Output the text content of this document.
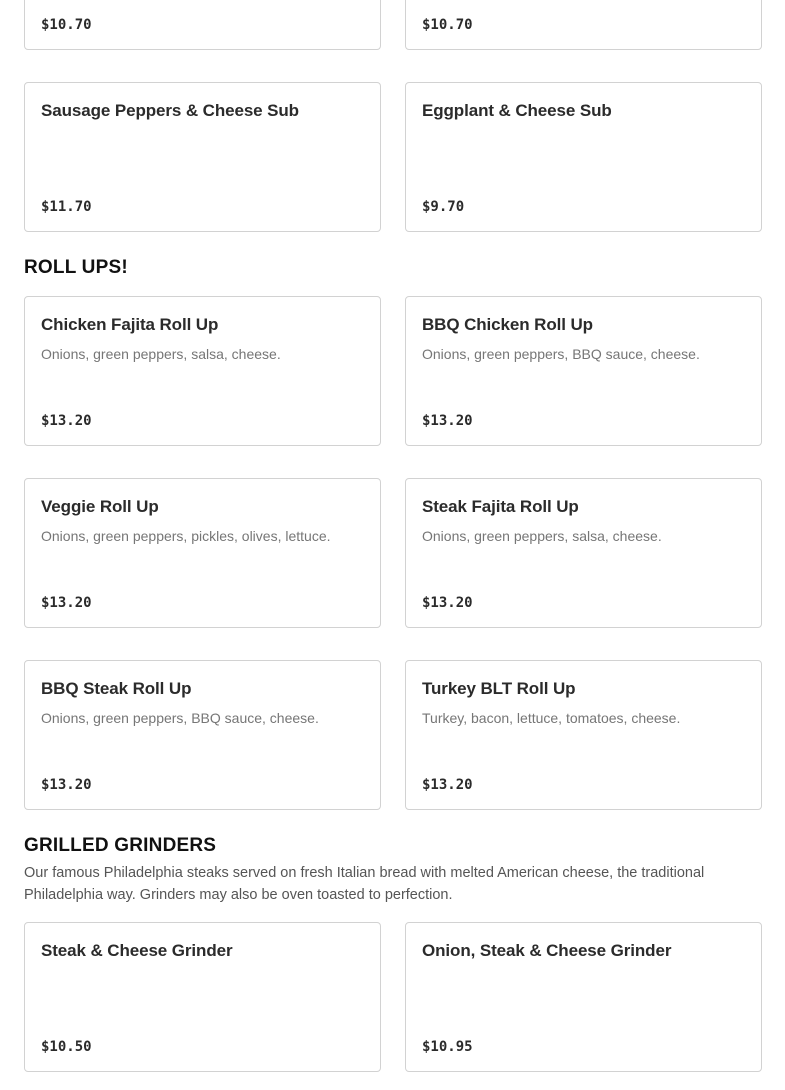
$10.70	$10.70
Sausage Peppers & Cheese Sub
$11.70
Eggplant & Cheese Sub
$9.70
ROLL UPS!
Chicken Fajita Roll Up
Onions, green peppers, salsa, cheese.
$13.20
BBQ Chicken Roll Up
Onions, green peppers, BBQ sauce, cheese.
$13.20
Veggie Roll Up
Onions, green peppers, pickles, olives, lettuce.
$13.20
Steak Fajita Roll Up
Onions, green peppers, salsa, cheese.
$13.20
BBQ Steak Roll Up
Onions, green peppers, BBQ sauce, cheese.
$13.20
Turkey BLT Roll Up
Turkey, bacon, lettuce, tomatoes, cheese.
$13.20
GRILLED GRINDERS

Our famous Philadelphia steaks served on fresh Italian bread with melted American cheese, the traditional Philadelphia way. Grinders may also be oven toasted to perfection.

Steak & Cheese Grinder
$10.50
Onion, Steak & Cheese Grinder
$10.95
